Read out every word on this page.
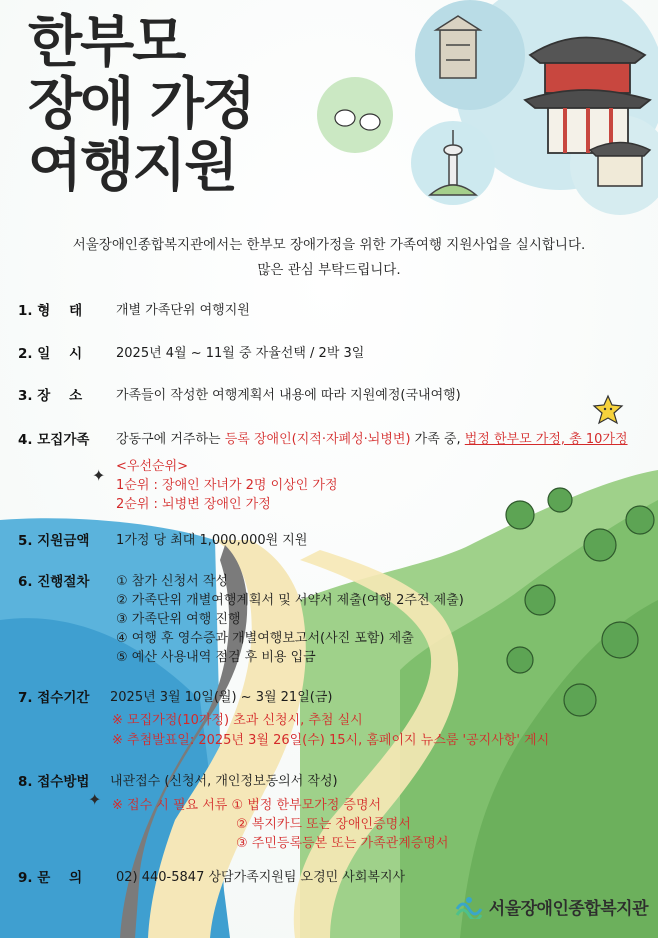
한부모
장애 가정
여행지원
서울장애인종합복지관에서는 한부모 장애가정을 위한 가족여행 지원사업을 실시합니다.
많은 관심 부탁드립니다.
1. 형    태	개별 가족단위 여행지원
2. 일    시	2025년 4월 ~ 11월 중 자율선택 / 2박 3일
3. 장    소	가족들이 작성한 여행계획서 내용에 따라 지원예정(국내여행)
4. 모집가족 강동구에 거주하는 등록 장애인(지적·자폐성·뇌병변) 가족 중, 법정 한부모 가정, 총 10가정
✦ <우선순위>
1순위 : 장애인 자녀가 2명 이상인 가정
2순위 : 뇌병변 장애인 가정
5. 지원금액 1가정 당 최대 1,000,000원 지원
6. 진행절차 ① 참가 신청서 작성
② 가족단위 개별여행계획서 및 서약서 제출(여행 2주전 제출)
③ 가족단위 여행 진행
④ 여행 후 영수증과 개별여행보고서(사진 포함) 제출
⑤ 예산 사용내역 점검 후 비용 입금
7. 접수기간 2025년 3월 10일(월) ~ 3월 21일(금)
※ 모집가정(10가정) 초과 신청시, 추첨 실시
※ 추첨발표일: 2025년 3월 26일(수) 15시, 홈페이지 뉴스룸 '공지사항' 게시
8. 접수방법 내관접수 (신청서, 개인정보동의서 작성)
✦ ※ 접수 시 필요 서류 ① 법정 한부모가정 증명서
② 복지카드 또는 장애인증명서
③ 주민등록등본 또는 가족관계증명서
9. 문    의	02) 440-5847 상담가족지원팀 오경민 사회복지사
서울장애인종합복지관
